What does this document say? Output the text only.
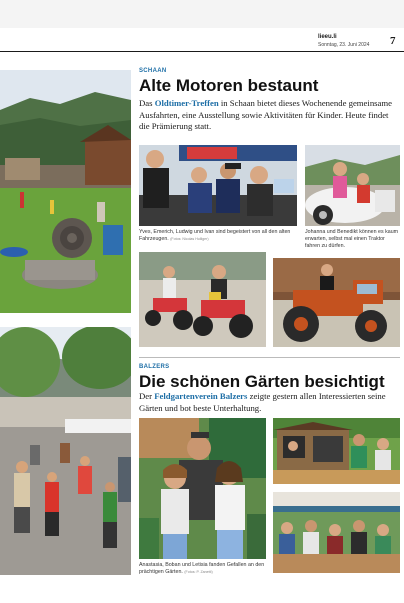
lieeu.li
Sonntag, 23. Juni 2024 7
SCHAAN
Alte Motoren bestaunt
Das Oldtimer-Treffen in Schaan bietet dieses Wochenende gemeinsame Ausfahrten, eine Ausstellung sowie Aktivitäten für Kinder. Heute findet die Prämierung statt.
Yves, Emerich, Ludwig und Ivan sind begeistert von all den alten Fahrzeugen. (Fotos: Nicolas Hulliger)
Johanna und Benedikt können es kaum erwarten, selbst mal einen Traktor fahren zu dürfen.
BALZERS
Die schönen Gärten besichtigt
Der Feldgartenverein Balzers zeigte gestern allen Interessierten seine Gärten und bot beste Unterhaltung.
Anastasia, Boban und Letisia fanden Gefallen an den prächtigen Gärten. (Fotos: P. Zanetti)
